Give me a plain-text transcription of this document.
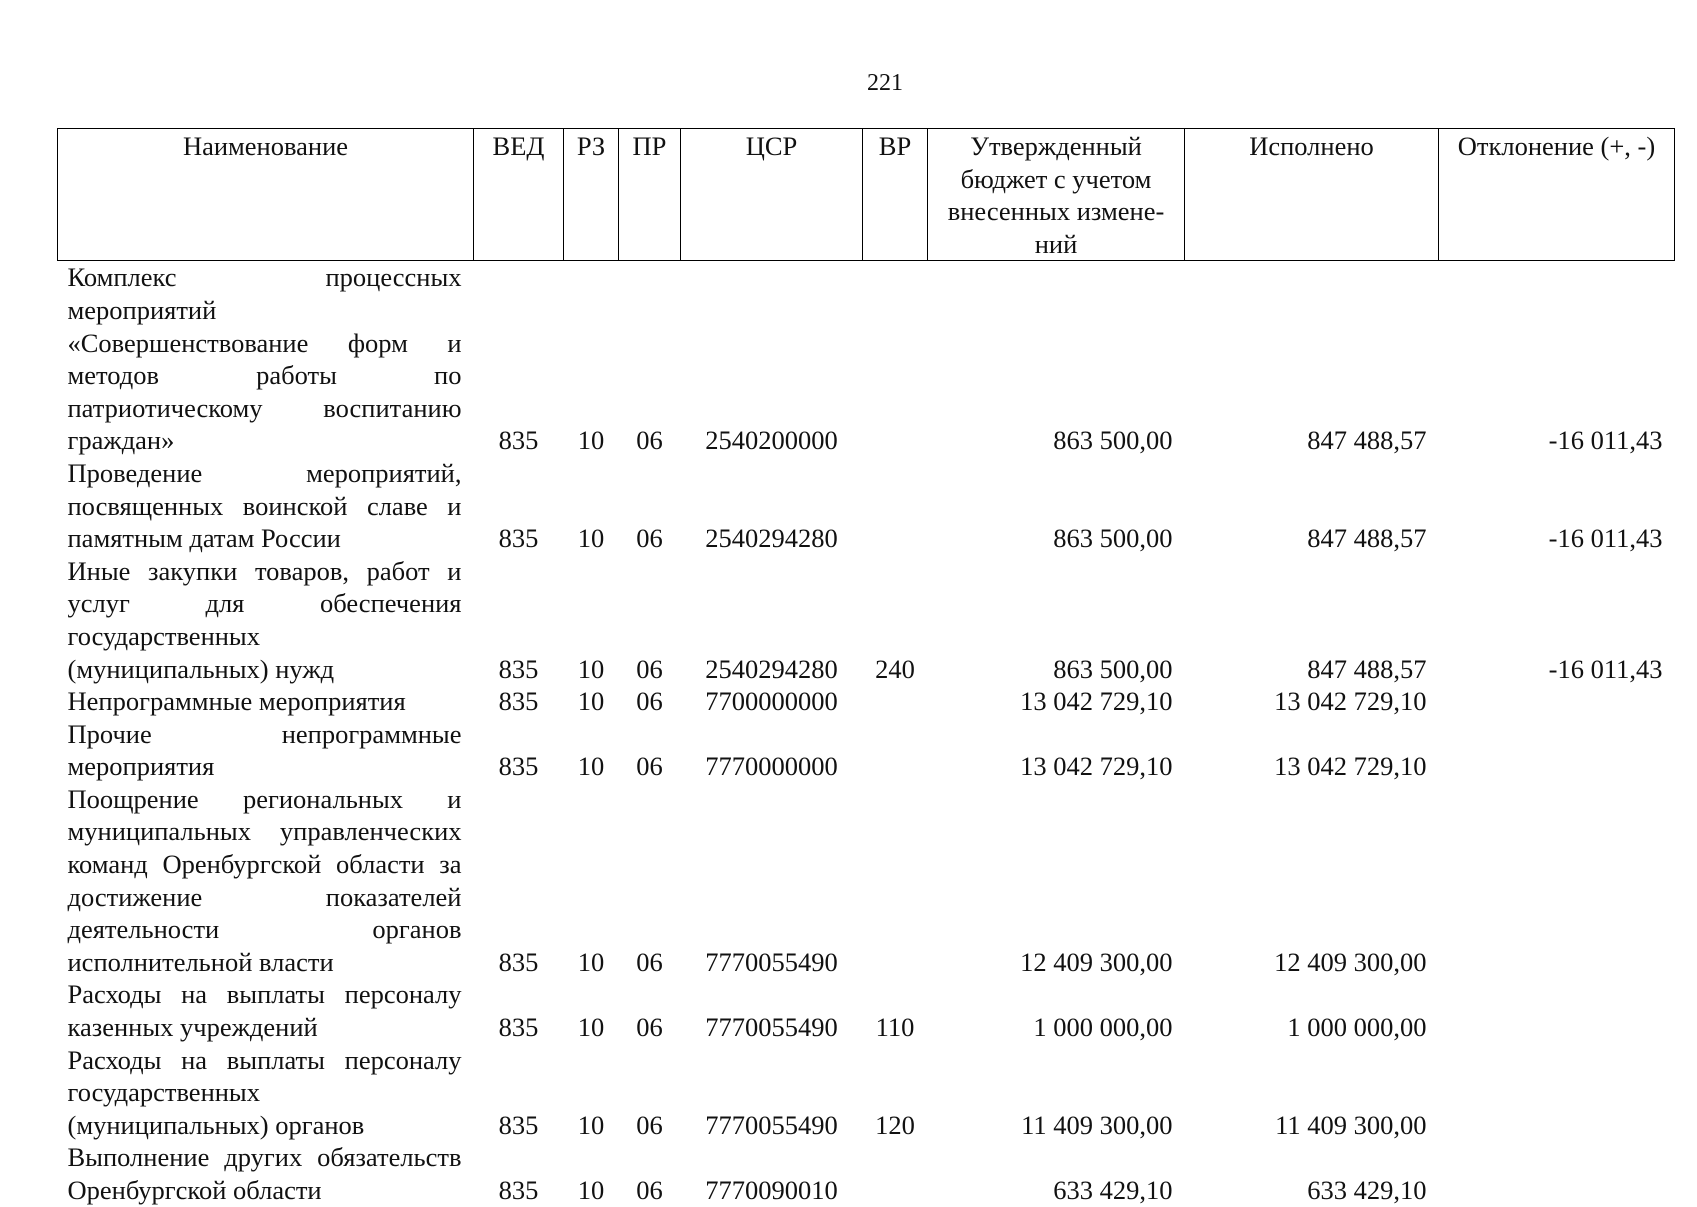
221
Наименование	ВЕД	РЗ	ПР	ЦСР	ВР	Утвержденный бюджет с учетом внесенных измене-ний	Исполнено	Отклонение (+, -)
Комплекс процессных мероприятий «Совершенствование форм и методов работы по патриотическому воспитанию граждан»	835	10	06	2540200000		863 500,00	847 488,57	-16 011,43
Проведение мероприятий, посвященных воинской славе и памятным датам России	835	10	06	2540294280		863 500,00	847 488,57	-16 011,43
Иные закупки товаров, работ и услуг для обеспечения государственных (муниципальных) нужд	835	10	06	2540294280	240	863 500,00	847 488,57	-16 011,43
Непрограммные мероприятия	835	10	06	7700000000		13 042 729,10	13 042 729,10	
Прочие непрограммные мероприятия	835	10	06	7770000000		13 042 729,10	13 042 729,10	
Поощрение региональных и муниципальных управленческих команд Оренбургской области за достижение показателей деятельности органов исполнительной власти	835	10	06	7770055490		12 409 300,00	12 409 300,00	
Расходы на выплаты персоналу казенных учреждений	835	10	06	7770055490	110	1 000 000,00	1 000 000,00	
Расходы на выплаты персоналу государственных (муниципальных) органов	835	10	06	7770055490	120	11 409 300,00	11 409 300,00	
Выполнение других обязательств Оренбургской области	835	10	06	7770090010		633 429,10	633 429,10	
